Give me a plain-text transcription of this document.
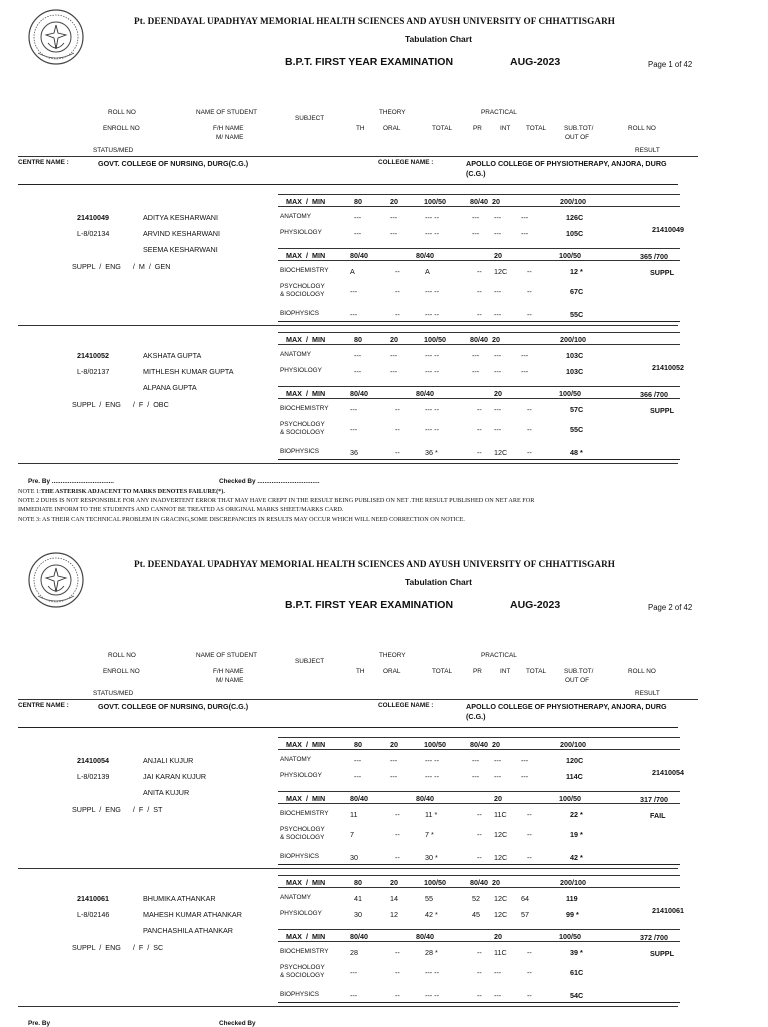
Pt. DEENDAYAL UPADHYAY MEMORIAL HEALTH SCIENCES AND AYUSH UNIVERSITY OF CHHATTISGARH
Tabulation Chart
B.P.T. FIRST YEAR EXAMINATION	AUG-2023	Page 1 of 42
ROLL NO	NAME OF STUDENT	THEORY	PRACTICAL
SUBJECT
ENROLL NO	F/H NAME	TH	ORAL	TOTAL	PR	INT TOTAL	SUB.TOT/	ROLL NO
M/ NAME	OUT OF
STATUS/MED	RESULT
CENTRE NAME :	GOVT. COLLEGE OF NURSING, DURG(C.G.)	COLLEGE NAME :	APOLLO COLLEGE OF PHYSIOTHERAPY, ANJORA, DURG
(C.G.)
Pre. By ...................................	Checked By ...................................
NOTE 1:THE ASTERISK ADJACENT TO MARKS DENOTES FAILURE(*).
NOTE 2 DUHS IS NOT RESPONSIBLE FOR ANY INADVERTENT ERROR THAT MAY HAVE CREPT IN THE RESULT BEING PUBLISED ON NET .THE RESULT PUBLISHED ON NET ARE FOR
IMMEDIATE INFORM TO THE STUDENTS AND CANNOT BE TREATED AS ORIGINAL MARKS SHEET/MARKS CARD.
NOTE 3: AS THEIR CAN TECHNICAL PROBLEM IN GRACING,SOME DISCREPANCIES IN RESULTS MAY OCCUR WHICH WILL NEED CORRECTION ON NOTICE.
21410049
L-8/02134
ADITYA KESHARWANI
ARVIND KESHARWANI
SEEMA KESHARWANI
SUPPL  /  ENG      /  M  /  GEN
21410049
365 /700
SUPPL
MAX  /  MIN	80	20	100/50	80/40  20	200/100
ANATOMY	---	---	--- --	--- ---	---	126C
PHYSIOLOGY	---	---	--- --	--- ---	---	105C
MAX  /  MIN	80/40	80/40	20	100/50
BIOCHEMISTRY	A	--	A	-- 12C	--	12 *
PSYCHOLOGY
& SOCIOLOGY	---	--	--- --	-- ---	--	67C
BIOPHYSICS	---	--	--- --	-- ---	--	55C
21410052
L-8/02137
AKSHATA GUPTA
MITHLESH KUMAR GUPTA
ALPANA GUPTA
SUPPL  /  ENG      /  F  /  OBC
21410052
366 /700
SUPPL
MAX  /  MIN	80	20	100/50	80/40  20	200/100
ANATOMY	---	---	--- --	--- ---	---	103C
PHYSIOLOGY	---	---	--- --	--- ---	---	103C
MAX  /  MIN	80/40	80/40	20	100/50
BIOCHEMISTRY	---	--	--- --	-- ---	--	57C
PSYCHOLOGY
& SOCIOLOGY	---	--	--- --	-- ---	--	55C
BIOPHYSICS	36	--	36 *	-- 12C	--	48 *
Pt. DEENDAYAL UPADHYAY MEMORIAL HEALTH SCIENCES AND AYUSH UNIVERSITY OF CHHATTISGARH
Tabulation Chart
B.P.T. FIRST YEAR EXAMINATION	AUG-2023	Page 2 of 42
ROLL NO	NAME OF STUDENT	THEORY	PRACTICAL
SUBJECT
ENROLL NO	F/H NAME	TH	ORAL	TOTAL	PR	INT TOTAL	SUB.TOT/	ROLL NO
M/ NAME	OUT OF
STATUS/MED	RESULT
CENTRE NAME :	GOVT. COLLEGE OF NURSING, DURG(C.G.)	COLLEGE NAME :	APOLLO COLLEGE OF PHYSIOTHERAPY, ANJORA, DURG
(C.G.)
Pre. By	Checked By
21410054
L-8/02139
ANJALI KUJUR
JAI KARAN KUJUR
ANITA KUJUR
SUPPL  /  ENG      /  F  /  ST
21410054
317 /700
FAIL
MAX  /  MIN	80	20	100/50	80/40  20	200/100
ANATOMY	---	---	--- --	--- ---	---	120C
PHYSIOLOGY	---	---	--- --	--- ---	---	114C
MAX  /  MIN	80/40	80/40	20	100/50
BIOCHEMISTRY	11	--	11 *	-- 11C	--	22 *
PSYCHOLOGY
& SOCIOLOGY	7	--	7 *	-- 12C	--	19 *
BIOPHYSICS	30	--	30 *	-- 12C	--	42 *
21410061
L-8/02146
BHUMIKA ATHANKAR
MAHESH KUMAR ATHANKAR
PANCHASHILA ATHANKAR
SUPPL  /  ENG      /  F  /  SC
21410061
372 /700
SUPPL
MAX  /  MIN	80	20	100/50	80/40  20	200/100
ANATOMY	41	14	55	52 12C 64	119
PHYSIOLOGY	30	12	42 *	45 12C 57	99 *
MAX  /  MIN	80/40	80/40	20	100/50
BIOCHEMISTRY	28	--	28 *	-- 11C	--	39 *
PSYCHOLOGY
& SOCIOLOGY	---	--	--- --	-- ---	--	61C
BIOPHYSICS	---	--	--- --	-- ---	--	54C
